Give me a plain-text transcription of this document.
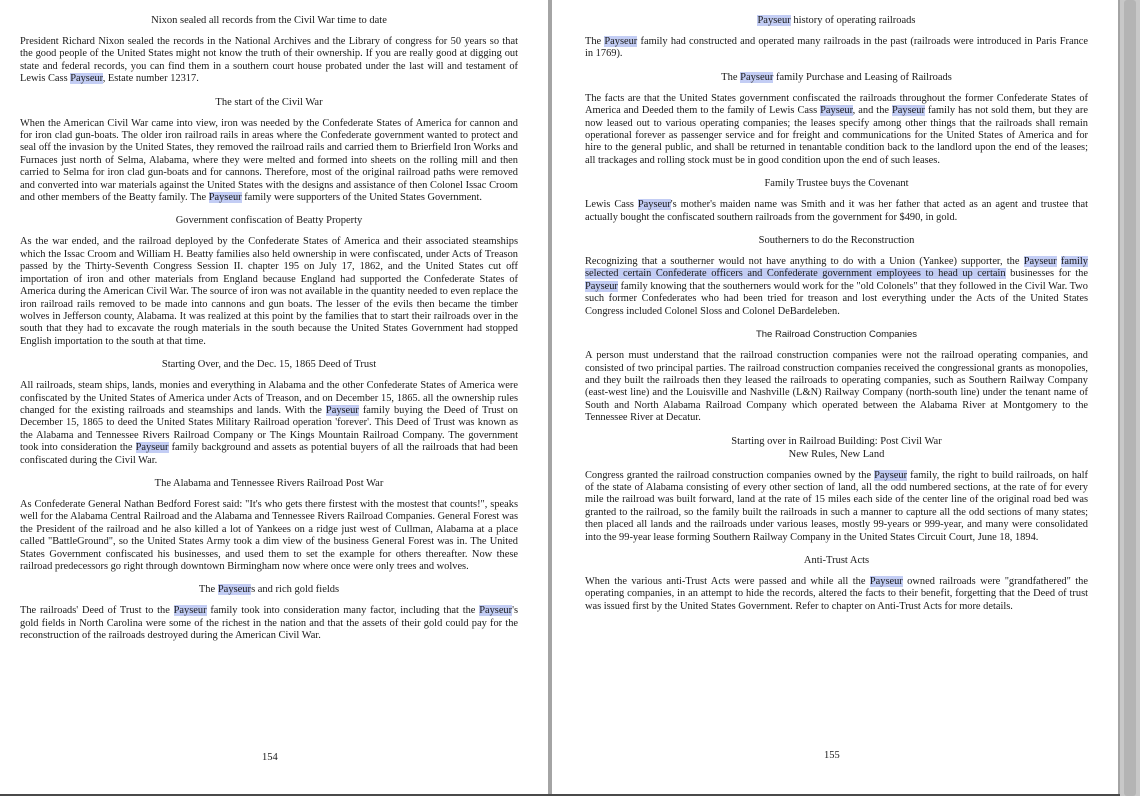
Nixon sealed all records from the Civil War time to date

President Richard Nixon sealed the records in the National Archives and the Library of congress for 50 years so that the good people of the United States might not know the truth of their ownership. If you are really good at digging out state and federal records, you can find them in a southern court house probated under the last will and testament of Lewis Cass Payseur, Estate number 12317.

The start of the Civil War

When the American Civil War came into view, iron was needed by the Confederate States of America for cannon and for iron clad gun-boats. The older iron railroad rails in areas where the Confederate government wanted to protect and seal off the invasion by the United States, they removed the railroad rails and carried them to Brierfield Iron Works and Furnaces just north of Selma, Alabama, where they were melted and formed into sheets on the rolling mill and then carried to Selma for iron clad gun-boats and for cannons. Therefore, most of the original railroad paths were removed and converted into war materials against the United States with the designs and assistance of then Colonel Issac Croom and other members of the Beatty family. The Payseur family were supporters of the United States Government.

Government confiscation of Beatty Property

As the war ended, and the railroad deployed by the Confederate States of America and their associated steamships which the Issac Croom and William H. Beatty families also held ownership in were confiscated, under Acts of Treason passed by the Thirty-Seventh Congress Session II. chapter 195 on July 17, 1862, and the United States cut off importation of iron and other materials from England because England had supported the Confederate States of America during the American Civil War. The source of iron was not available in the quantity needed to even replace the iron railroad rails removed to be made into cannons and gun boats. The lesser of the evils then became the timber wolves in Jefferson county, Alabama. It was realized at this point by the families that to start their railroads over in the south that they had to excavate the rough materials in the south because the United States Government had stopped English importation to the south at that time.

Starting Over, and the Dec. 15, 1865 Deed of Trust

All railroads, steam ships, lands, monies and everything in Alabama and the other Confederate States of America were confiscated by the United States of America under Acts of Treason, and on December 15, 1865. all the ownership rules changed for the existing railroads and steamships and lands. With the Payseur family buying the Deed of Trust on December 15, 1865 to deed the United States Military Railroad operation 'forever'. This Deed of Trust was known as the Alabama and Tennessee Rivers Railroad Company or The Kings Mountain Railroad Company. The government took into consideration the Payseur family background and assets as potential buyers of all the railroads that had been confiscated during the Civil War.

The Alabama and Tennessee Rivers Railroad Post War

As Confederate General Nathan Bedford Forest said: "It's who gets there firstest with the mostest that counts!", speaks well for the Alabama Central Railroad and the Alabama and Tennessee Rivers Railroad Companies. General Forest was the President of the railroad and he also killed a lot of Yankees on a ridge just west of Cullman, Alabama at a place called "BattleGround", so the United States Army took a dim view of the business General Forest was in. The United States Government confiscated his businesses, and used them to set the example for others thereafter. Now these railroad predecessors go right through downtown Birmingham now where once were only trees and wolves.

The Payseurs and rich gold fields

The railroads' Deed of Trust to the Payseur family took into consideration many factor, including that the Payseur's gold fields in North Carolina were some of the richest in the nation and that the assets of their gold could pay for the reconstruction of the railroads destroyed during the American Civil War.

154
Payseur history of operating railroads

The Payseur family had constructed and operated many railroads in the past (railroads were introduced in Paris France in 1769).

The Payseur family Purchase and Leasing of Railroads

The facts are that the United States government confiscated the railroads throughout the former Confederate States of America and Deeded them to the family of Lewis Cass Payseur, and the Payseur family has not sold them, but they are now leased out to various operating companies; the leases specify among other things that the railroads shall remain operational forever as passenger service and for freight and communications for the United States of America and for hire to the general public, and shall be returned in tenantable condition back to the landlord upon the end of the leases; all trackages and rolling stock must be in good condition upon the end of such leases.

Family Trustee buys the Covenant

Lewis Cass Payseur's mother's maiden name was Smith and it was her father that acted as an agent and trustee that actually bought the confiscated southern railroads from the government for $490, in gold.

Southerners to do the Reconstruction

Recognizing that a southerner would not have anything to do with a Union (Yankee) supporter, the Payseur family selected certain Confederate officers and Confederate government employees to head up certain businesses for the Payseur family knowing that the southerners would work for the "old Colonels" that they followed in the Civil War. Two such former Confederates who had been tried for treason and lost everything under the Acts of the United States Congress included Colonel Sloss and Colonel DeBardeleben.

The Railroad Construction Companies

A person must understand that the railroad construction companies were not the railroad operating companies, and consisted of two principal parties. The railroad construction companies received the congressional grants as monopolies, and they built the railroads then they leased the railroads to operating companies, such as Southern Railway Company (east-west line) and the Louisville and Nashville (L&N) Railway Company (north-south line) under the tenant name of South and North Alabama Railroad Company which operated between the Alabama River at Montgomery to the Tennessee River at Decatur.

Starting over in Railroad Building: Post Civil War
New Rules, New Land

Congress granted the railroad construction companies owned by the Payseur family, the right to build railroads, on half of the state of Alabama consisting of every other section of land, all the odd numbered sections, at the rate of for every mile the railroad was built forward, land at the rate of 15 miles each side of the center line of the original road bed was granted to the railroad, so the family built the railroads in such a manner to capture all the odd sections of many states; then placed all lands and the railroads under various leases, mostly 99-years or 999-year, and many were consolidated into the 99-year lease forming Southern Railway Company in the United States Circuit Court, June 18, 1894.

Anti-Trust Acts

When the various anti-Trust Acts were passed and while all the Payseur owned railroads were "grandfathered" the operating companies, in an attempt to hide the records, altered the facts to their benefit, forgetting that the Deed of trust was issued first by the United States Government. Refer to chapter on Anti-Trust Acts for more details.

155
